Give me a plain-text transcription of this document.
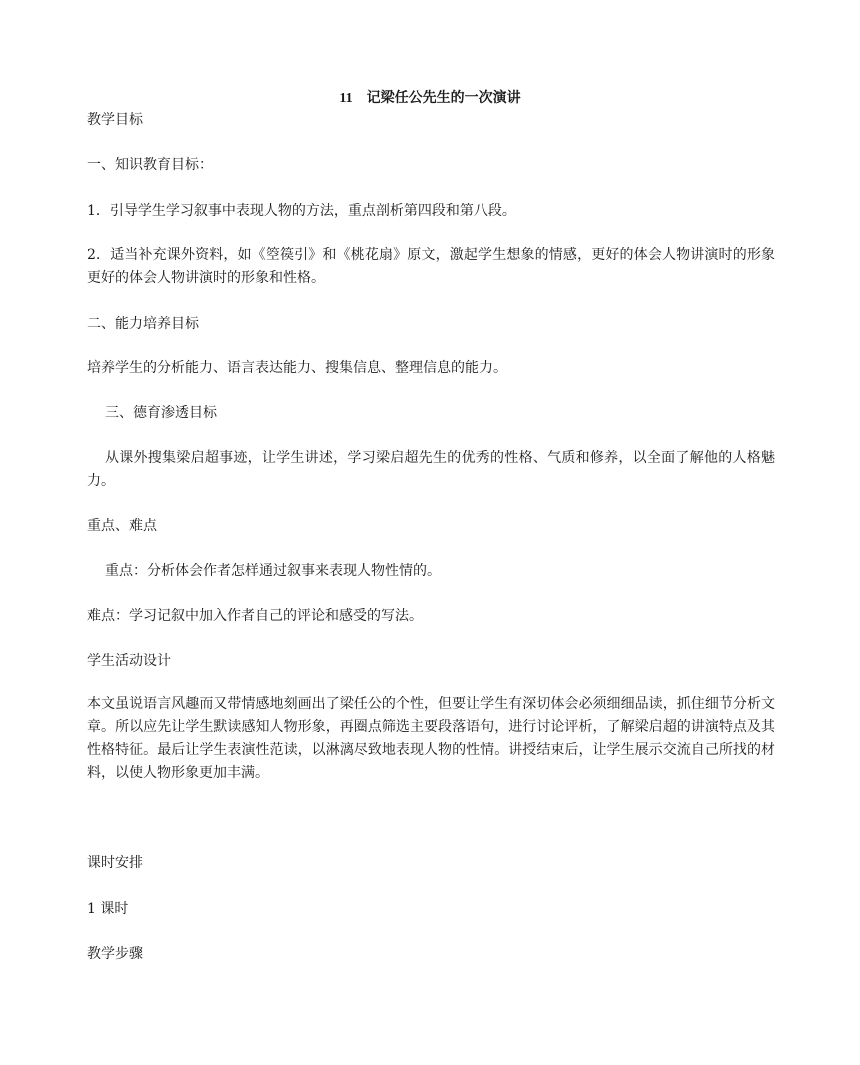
11 记梁任公先生的一次演讲
教学目标
一、知识教育目标：
1．引导学生学习叙事中表现人物的方法，重点剖析第四段和第八段。
2．适当补充课外资料，如《箜篌引》和《桃花扇》原文，激起学生想象的情感，更好的体会人物讲演时的形象更好的体会人物讲演时的形象和性格。
二、能力培养目标
培养学生的分析能力、语言表达能力、搜集信息、整理信息的能力。
三、德育渗透目标
从课外搜集梁启超事迹，让学生讲述，学习梁启超先生的优秀的性格、气质和修养，以全面了解他的人格魅力。
重点、难点
重点：分析体会作者怎样通过叙事来表现人物性情的。
难点：学习记叙中加入作者自己的评论和感受的写法。
学生活动设计
本文虽说语言风趣而又带情感地刻画出了梁任公的个性，但要让学生有深切体会必须细细品读，抓住细节分析文章。所以应先让学生默读感知人物形象，再圈点筛选主要段落语句，进行讨论评析，了解梁启超的讲演特点及其性格特征。最后让学生表演性范读，以淋漓尽致地表现人物的性情。讲授结束后，让学生展示交流自己所找的材料，以使人物形象更加丰满。
课时安排
1 课时
教学步骤
